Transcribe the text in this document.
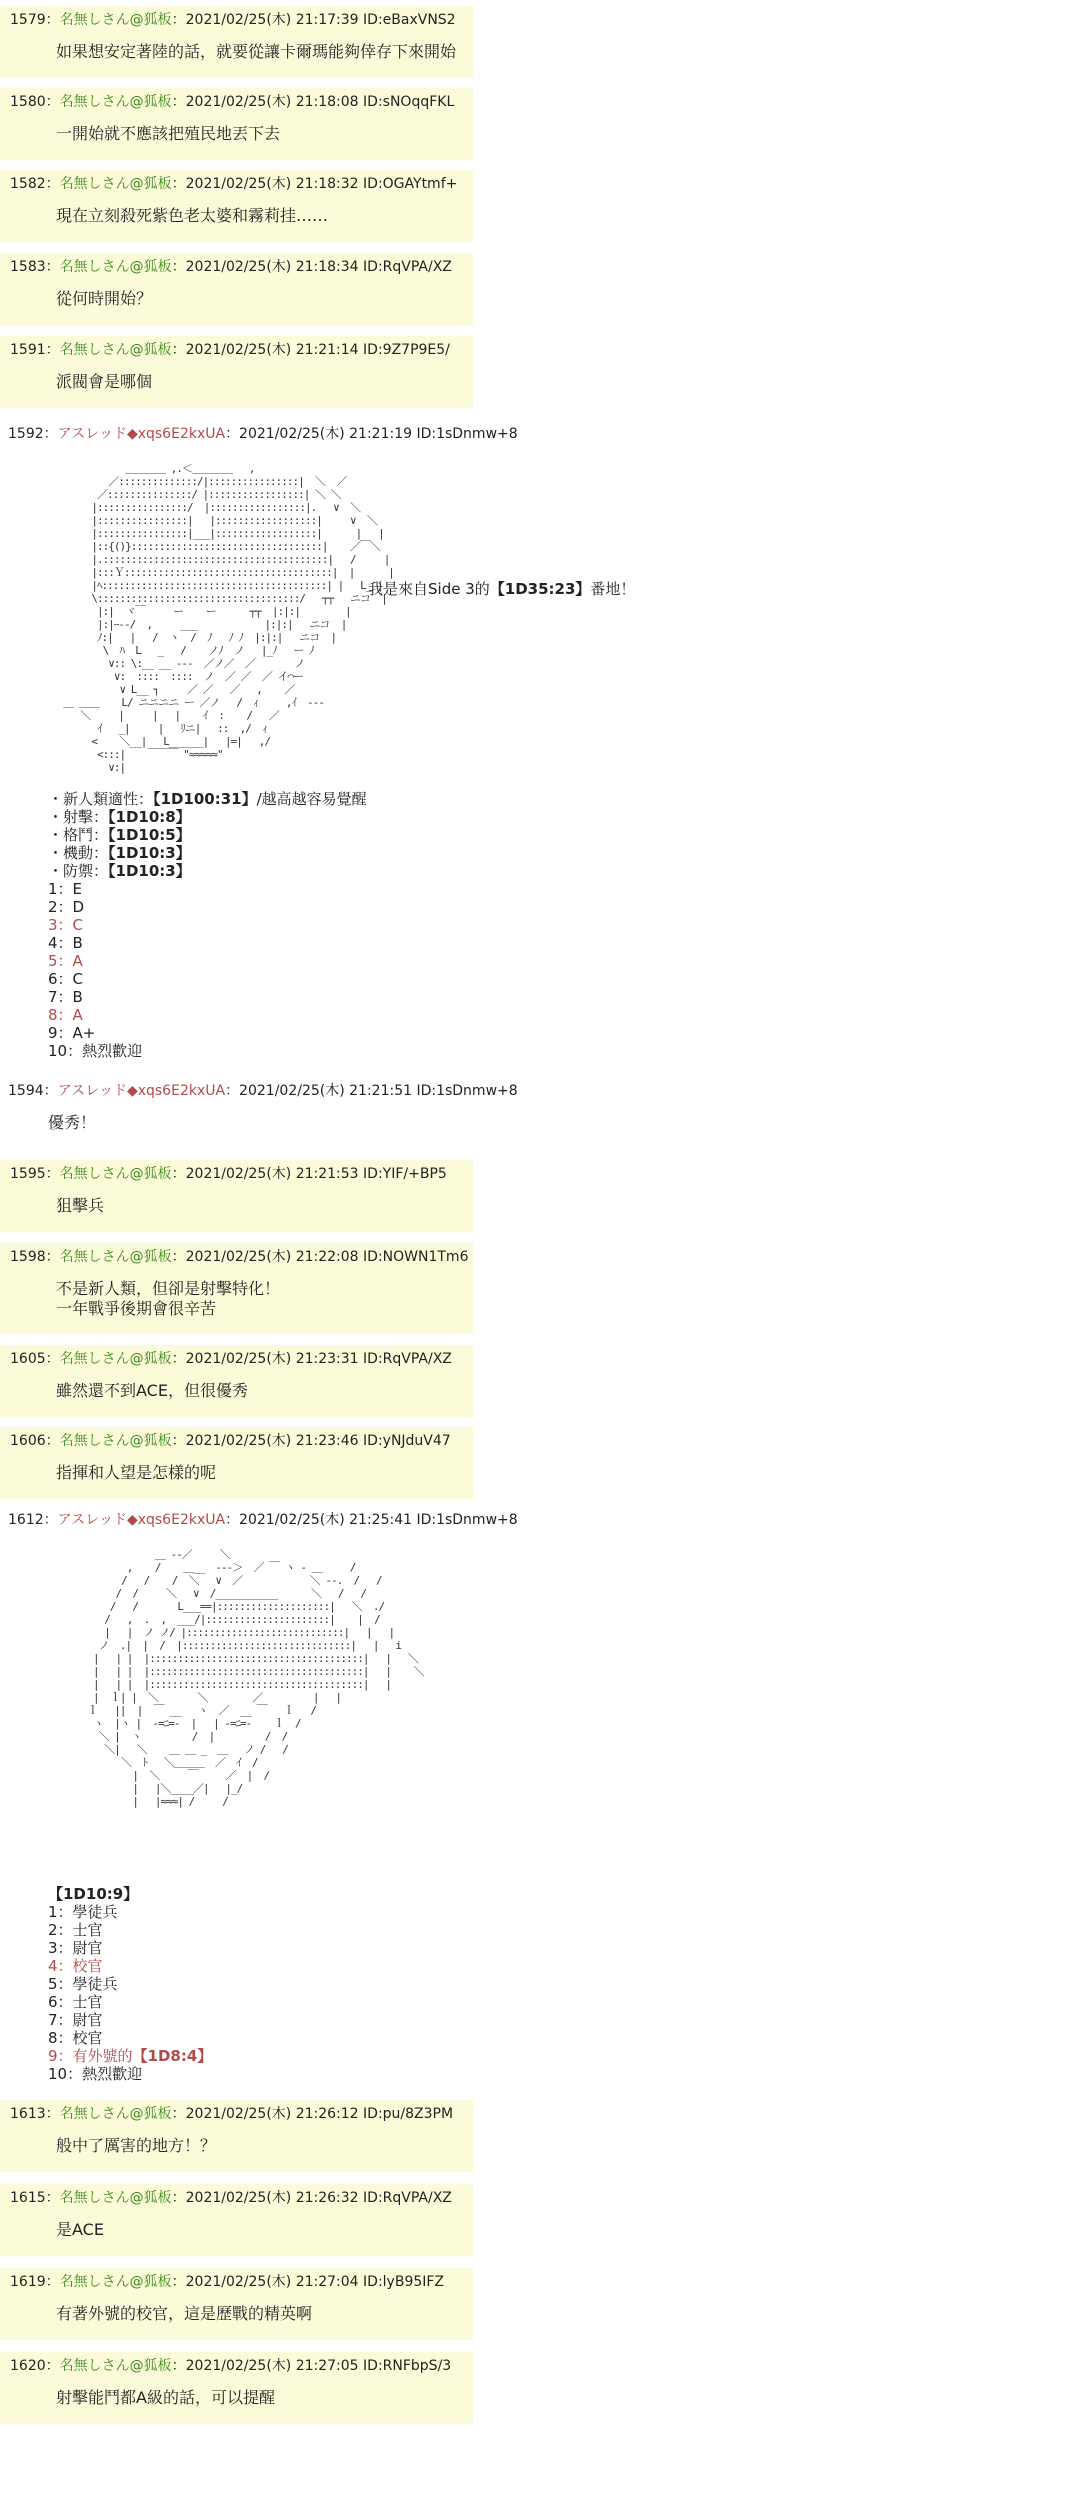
1579：名無しさん@狐板：2021/02/25(木) 21:17:39 ID:eBaxVNS2
如果想安定著陸的話，就要從讓卡爾瑪能夠倖存下來開始
1580：名無しさん@狐板：2021/02/25(木) 21:18:08 ID:sNOqqFKL
一開始就不應該把殖民地丟下去
1582：名無しさん@狐板：2021/02/25(木) 21:18:32 ID:OGAYtmf+
現在立刻殺死紫色老太婆和霧莉挂……
1583：名無しさん@狐板：2021/02/25(木) 21:18:34 ID:RqVPA/XZ
從何時開始？
1591：名無しさん@狐板：2021/02/25(木) 21:21:14 ID:9Z7P9E5/
派閥會是哪個
1592：アスレッド◆xqs6E2kxUA：2021/02/25(木) 21:21:19 ID:1sDnmw+8
＿＿＿＿ ,.＜＿＿＿＿   ,
／::::::::::::::/|::::::::::::::::|  ＼  ／
／:::::::::::::::/ |:::::::::::::::::| ＼ ＼
|::::::::::::::::/  |:::::::::::::::::|.   ∨  ＼
|::::::::::::::::|   |::::::::::::::::::|     ∨  ＼
|::::::::::::::::|___|::::::::::::::::::|      |   |
|::{()}::::::::::::::::::::::::::::::::::|    ／￣＼
|.::::::::::::::::::::::::::::::::::::::::|   /     |
|:::Ｙ:::::::::::::::::::::::::::::::::::::|  |      |
|ﾍ::::::::::::::::::::::::::::::::::::::::| |   L_ |
\::::::::::::::::::::::::::::::::::::/   ┬┬   ニコ  |
|:|  ヾ￣     ー    ー      ┬┬  |:|:|        |
|:|ｰ--/  ,     ___            |:|:|   ニコ  |
ﾉ:|   |   /  ヽ  /  ﾉ   ﾉ ﾉ  |:|:|   ニコ  |
\  ﾊ  L   _   /    ノﾉ  ノ   |_ﾉ   ー ﾉ
∨:: \:__ __ ---  ／ノ／  ／       ノ
∨:  ::::  ::::  ノ  ／ ／  ／ イ⌒ー
∨ L__ ┐     ／ ／   ／   ,    ／
＿ ＿＿    L/ ニニニニ ー ／ノ   /  ｨ     ,ｲ  ---
＼     |     |   |    ｲ  :    /   ／
ｲ   _|     |   ﾘニ|   ::  ,/  ｨ
<    ＼__|   L______|   |=|   ,/
<:::|    ￣￣￣ "≈≈≈≈≈"
∨:|
我是來自Side 3的【1D35:23】番地！
・新人類適性：【1D100:31】/越高越容易覺醒
・射擊：【1D10:8】
・格鬥：【1D10:5】
・機動：【1D10:3】
・防禦：【1D10:3】
1：E
2：D
3：C
4：B
5：A
6：C
7：B
8：A
9：A+
10：熱烈歡迎
1594：アスレッド◆xqs6E2kxUA：2021/02/25(木) 21:21:51 ID:1sDnmw+8
優秀！
1595：名無しさん@狐板：2021/02/25(木) 21:21:53 ID:YIF/+BP5
狙擊兵
1598：名無しさん@狐板：2021/02/25(木) 21:22:08 ID:NOWN1Tm6
不是新人類，但卻是射擊特化！
一年戰爭後期會很辛苦
1605：名無しさん@狐板：2021/02/25(木) 21:23:31 ID:RqVPA/XZ
雖然還不到ACE，但很優秀
1606：名無しさん@狐板：2021/02/25(木) 21:23:46 ID:yNJduV47
指揮和人望是怎樣的呢
1612：アスレッド◆xqs6E2kxUA：2021/02/25(木) 21:25:41 ID:1sDnmw+8
＿ -‐／     ＼
,    /    ＿__  ---＞  ／ ￣ ヽ - ＿     /
/   /    /  ＼   ∨  ／            ＼ ‐-.  /   /
/  /     ＼   ∨  /___________      ＼   /   /
/   /       L___==|::::::::::::::::::::|   ＼  ./
/   ,  .  ,  ___/|::::::::::::::::::::::|    |  /
|   |  ノ ノ/ |::::::::::::::::::::::::::::|   |   |
ノ  .|  |  /  |::::::::::::::::::::::::::::::|   |   i
|   | |  |::::::::::::::::::::::::::::::::::::::|   |   ＼
|   | |  |::::::::::::::::::::::::::::::::::::::|   |    ＼
|   | |  |::::::::::::::::::::::::::::::::::::::|   |
|  ｌ| |  ＼       ＼        ／         |   |
ｌ   ||  |  ￣ __   ヽ  ／  __ ￣   ｌ   /
ヽ  |ヽ |  -=ﾆ=-  |   | -=ﾆ=-    ｌ  /
＼ |  ヽ         /  |         /  /
＼|   ＼    ＿ ＿ _  ＿   ノ /   /
＼  ﾄ   ＼＿＿＿  ／  ｲ  /
|  ＼     ￣     ／  |  /
|   |＼____／|   |_/
|   |≈≈≈| /     /
【1D10:9】
1：學徒兵
2：士官
3：尉官
4：校官
5：學徒兵
6：士官
7：尉官
8：校官
9：有外號的【1D8:4】
10：熱烈歡迎
1613：名無しさん@狐板：2021/02/25(木) 21:26:12 ID:pu/8Z3PM
般中了厲害的地方！？
1615：名無しさん@狐板：2021/02/25(木) 21:26:32 ID:RqVPA/XZ
是ACE
1619：名無しさん@狐板：2021/02/25(木) 21:27:04 ID:lyB95IFZ
有著外號的校官，這是歷戰的精英啊
1620：名無しさん@狐板：2021/02/25(木) 21:27:05 ID:RNFbpS/3
射擊能鬥都A級的話，可以提醒
